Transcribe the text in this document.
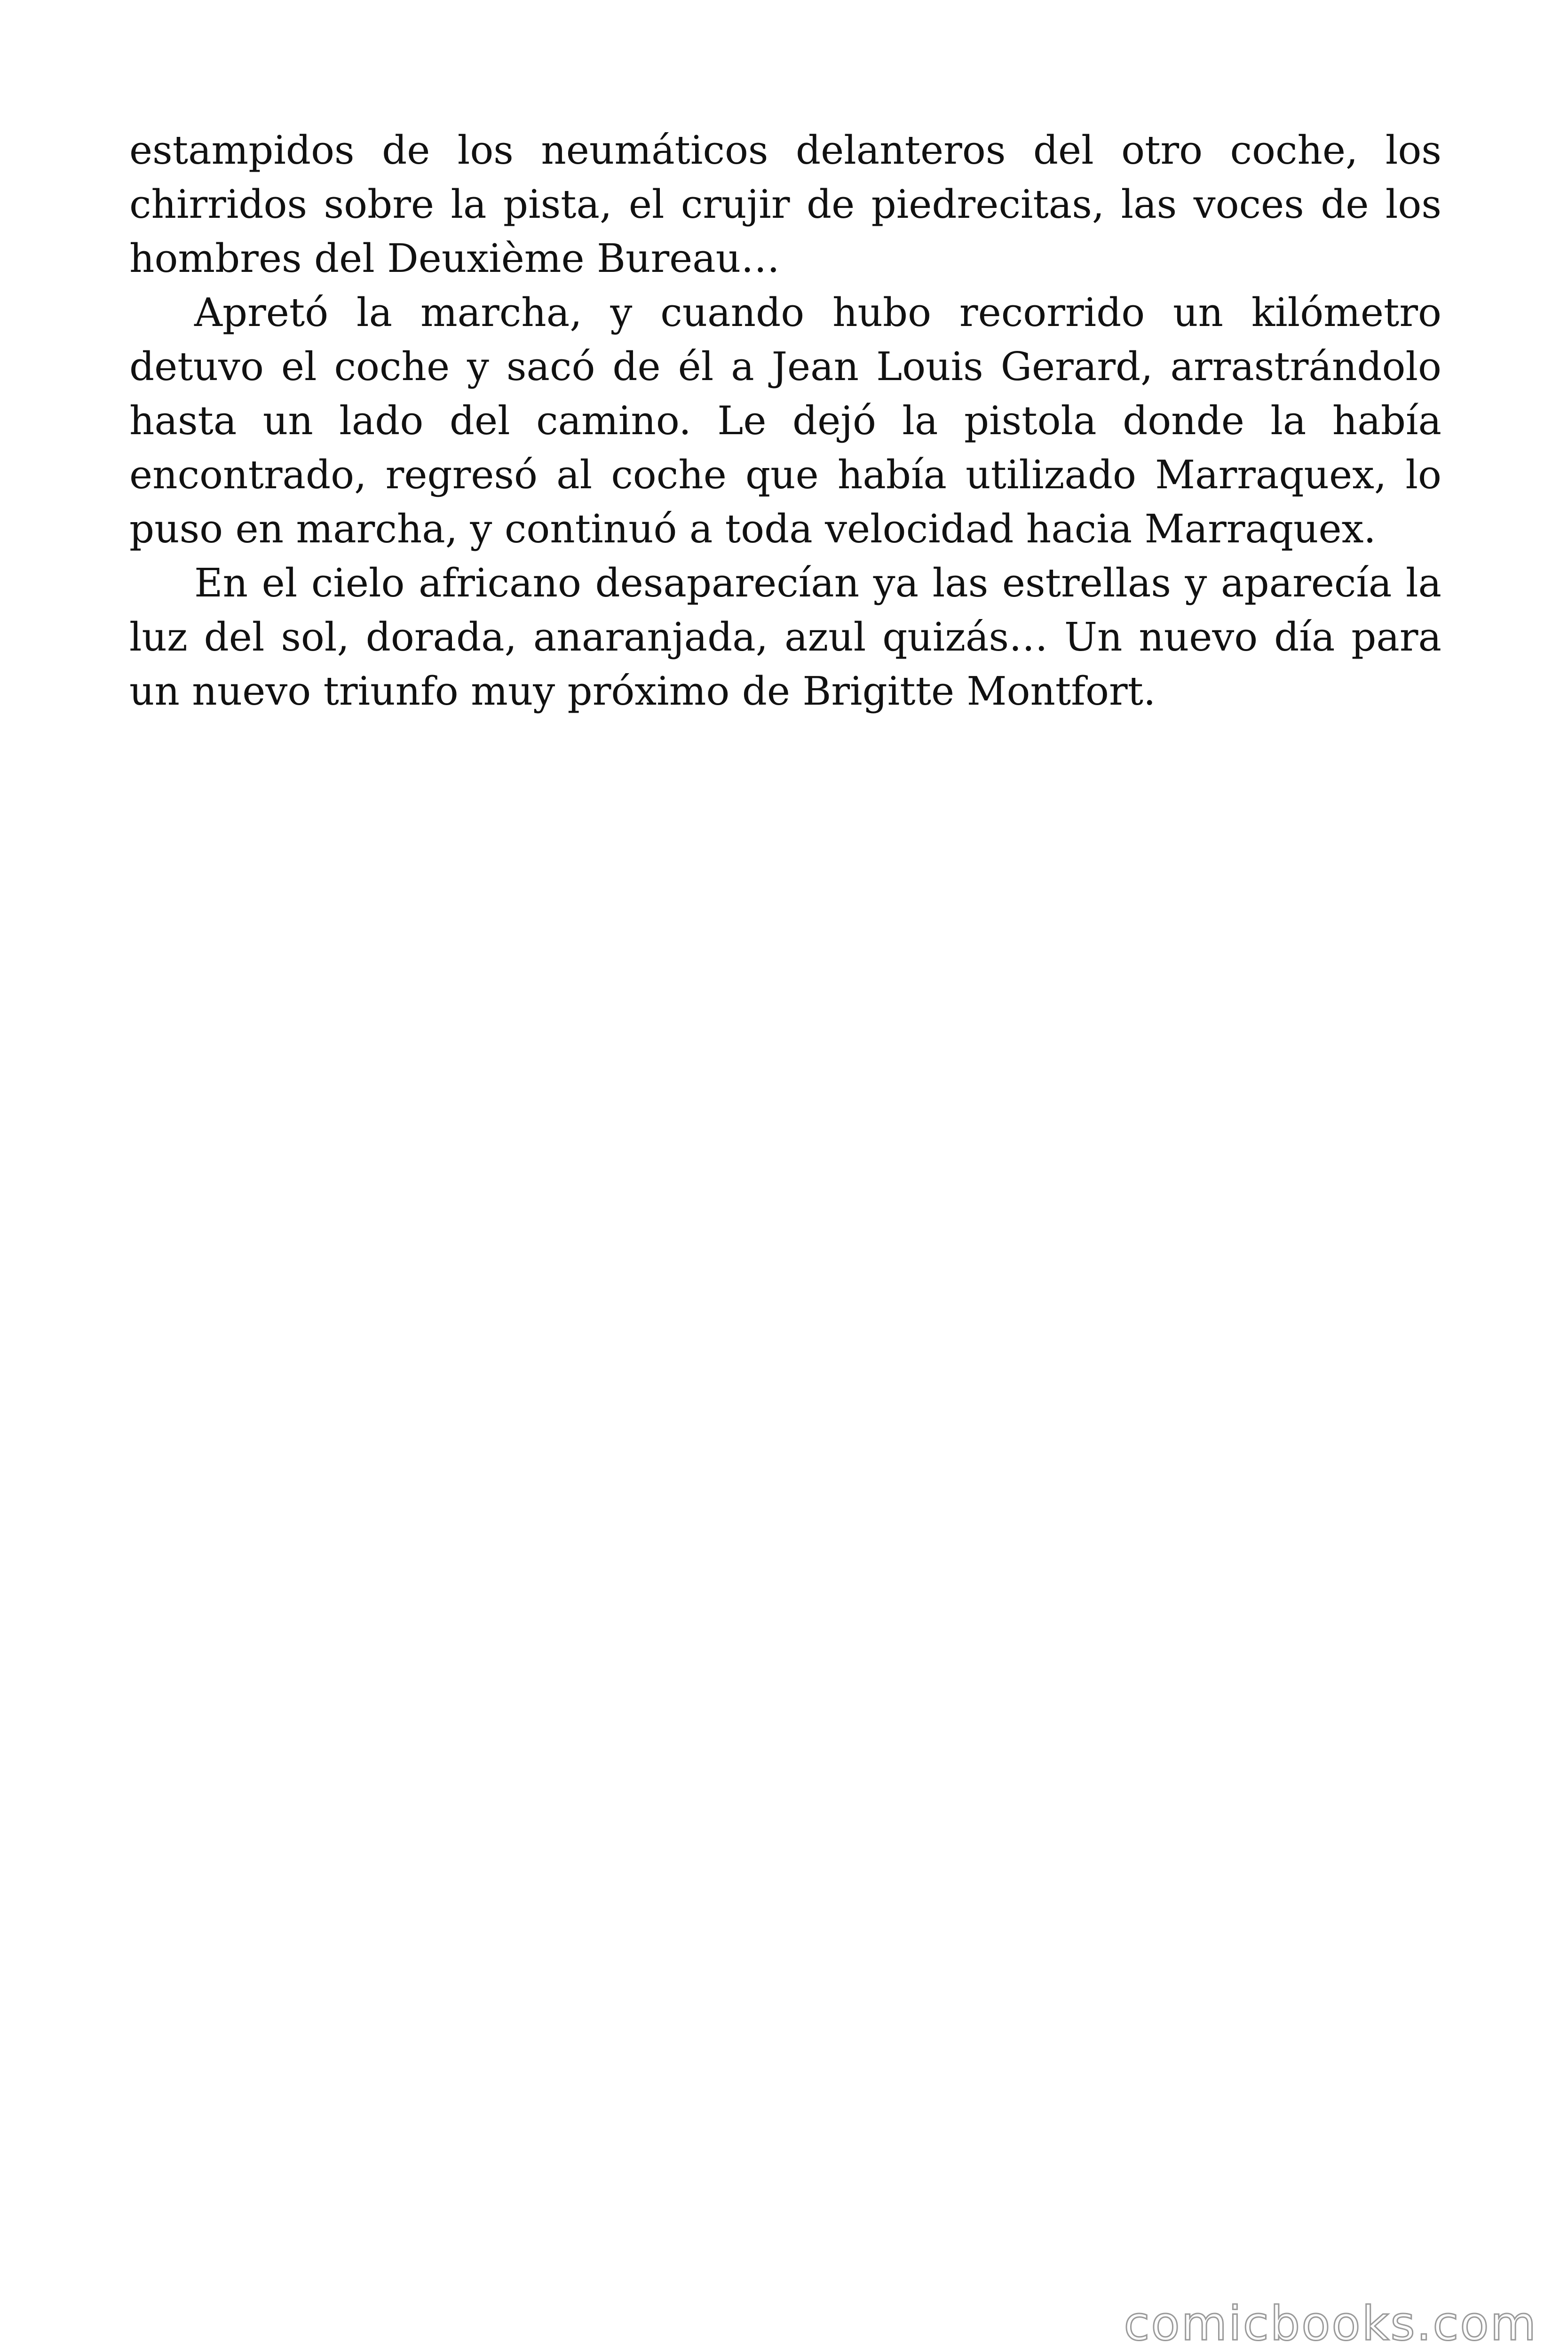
estampidos de los neumáticos delanteros del otro coche, los chirridos sobre la pista, el crujir de piedrecitas, las voces de los hombres del Deuxième Bureau…

Apretó la marcha, y cuando hubo recorrido un kilómetro detuvo el coche y sacó de él a Jean Louis Gerard, arrastrándolo hasta un lado del camino. Le dejó la pistola donde la había encontrado, regresó al coche que había utilizado Marraquex, lo puso en marcha, y continuó a toda velocidad hacia Marraquex.

En el cielo africano desaparecían ya las estrellas y aparecía la luz del sol, dorada, anaranjada, azul quizás… Un nuevo día para un nuevo triunfo muy próximo de Brigitte Montfort.

comicbooks.com
